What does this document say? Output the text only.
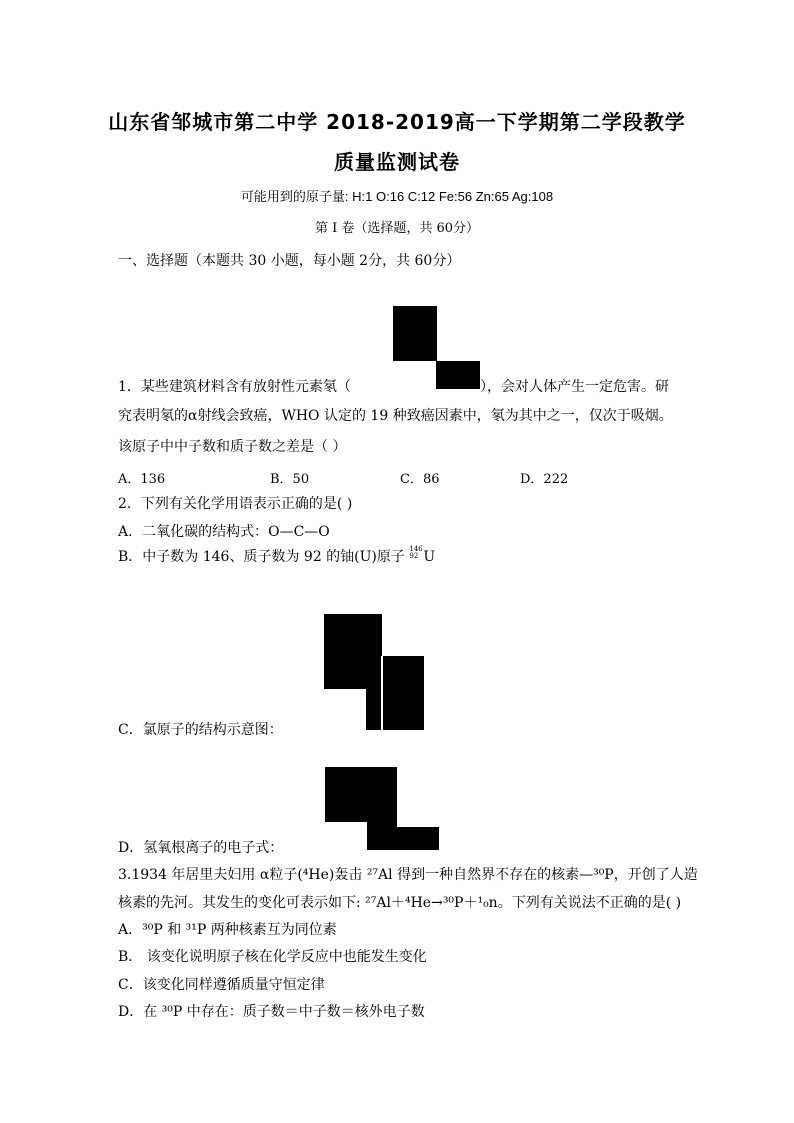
山东省邹城市第二中学 2018-2019高一下学期第二学段教学
质量监测试卷
可能用到的原子量: H:1 O:16 C:12 Fe:56 Zn:65 Ag:108
第 I 卷（选择题，共 60分）
一、选择题（本题共 30 小题，每小题 2分，共 60分）
1．某些建筑材料含有放射性元素氡（	），会对人体产生一定危害。研
究表明氡的α射线会致癌，WHO 认定的 19 种致癌因素中，氡为其中之一，仅次于吸烟。
该原子中中子数和质子数之差是（ ）
A．136	B．50	C．86	D．222
2．下列有关化学用语表示正确的是( )
A．二氧化碳的结构式：O—C—O
B．中子数为 146、质子数为 92 的铀(U)原子 146
92 U
C．氯原子的结构示意图：
D．氢氧根离子的电子式：
3.1934 年居里夫妇用 α粒子(⁴He)轰击 ²⁷Al 得到一种自然界不存在的核素—³⁰P，开创了人造
核素的先河。其发生的变化可表示如下: ²⁷Al＋⁴He→³⁰P＋¹₀n。下列有关说法不正确的是( )
A．³⁰P 和 ³¹P 两种核素互为同位素
B． 该变化说明原子核在化学反应中也能发生变化
C．该变化同样遵循质量守恒定律
D．在 ³⁰P 中存在：质子数＝中子数＝核外电子数
